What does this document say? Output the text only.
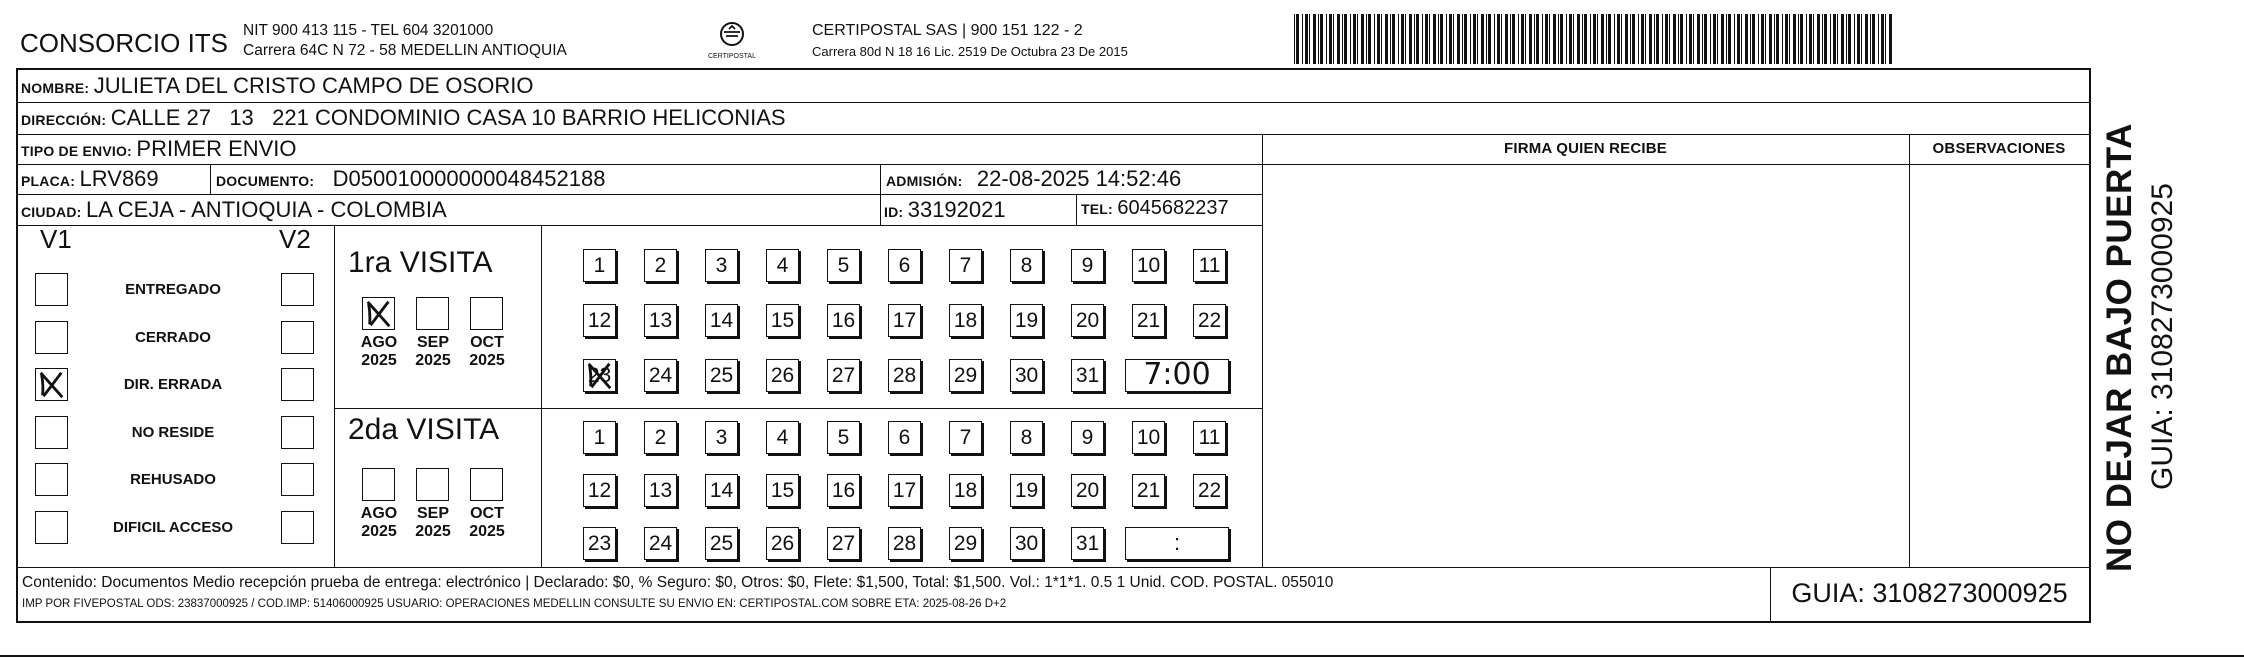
CONSORCIO ITS NIT 900 413 115 - TEL 604 3201000
Carrera 64C N 72 - 58 MEDELLIN ANTIOQUIA	CERTIPOSTAL
CERTIPOSTAL SAS | 900 151 122 - 2
Carrera 80d N 18 16 Lic. 2519 De Octubra 23 De 2015
NOMBRE: JULIETA DEL CRISTO CAMPO DE OSORIO
DIRECCIÓN: CALLE 27   13   221 CONDOMINIO CASA 10 BARRIO HELICONIAS
TIPO DE ENVIO: PRIMER ENVIO	FIRMA QUIEN RECIBE	OBSERVACIONES
PLACA: LRV869	DOCUMENTO: D050010000000048452188	ADMISIÓN: 22-08-2025 14:52:46
CIUDAD: LA CEJA - ANTIOQUIA - COLOMBIA	ID: 33192021	TEL: 6045682237
V1	V2
ENTREGADO
CERRADO
DIR. ERRADA
NO RESIDE
REHUSADO
DIFICIL ACCESO
1ra VISITA
AGO
2025
SEP
2025
OCT
2025
1	2	3	4	5	6	7	8	9	10 11
12 13 14 15 16 17 18 19 20 21 22
23 24 25 26 27 28 29 30 31	7:00
2da VISITA
AGO
2025
SEP
2025
OCT
2025
1	2	3	4	5	6	7	8	9	10 11
12 13 14 15 16 17 18 19 20 21 22
23 24 25 26 27 28 29 30 31	:
Contenido: Documentos Medio recepción prueba de entrega: electrónico | Declarado: $0, % Seguro: $0, Otros: $0, Flete: $1,500, Total: $1,500. Vol.: 1*1*1. 0.5 1 Unid. COD. POSTAL. 055010
IMP POR FIVEPOSTAL ODS: 23837000925 / COD.IMP: 51406000925 USUARIO: OPERACIONES MEDELLIN CONSULTE SU ENVIO EN: CERTIPOSTAL.COM SOBRE ETA: 2025-08-26 D+2	GUIA: 3108273000925
NO DEJAR BAJO PUERTA GUIA: 3108273000925
